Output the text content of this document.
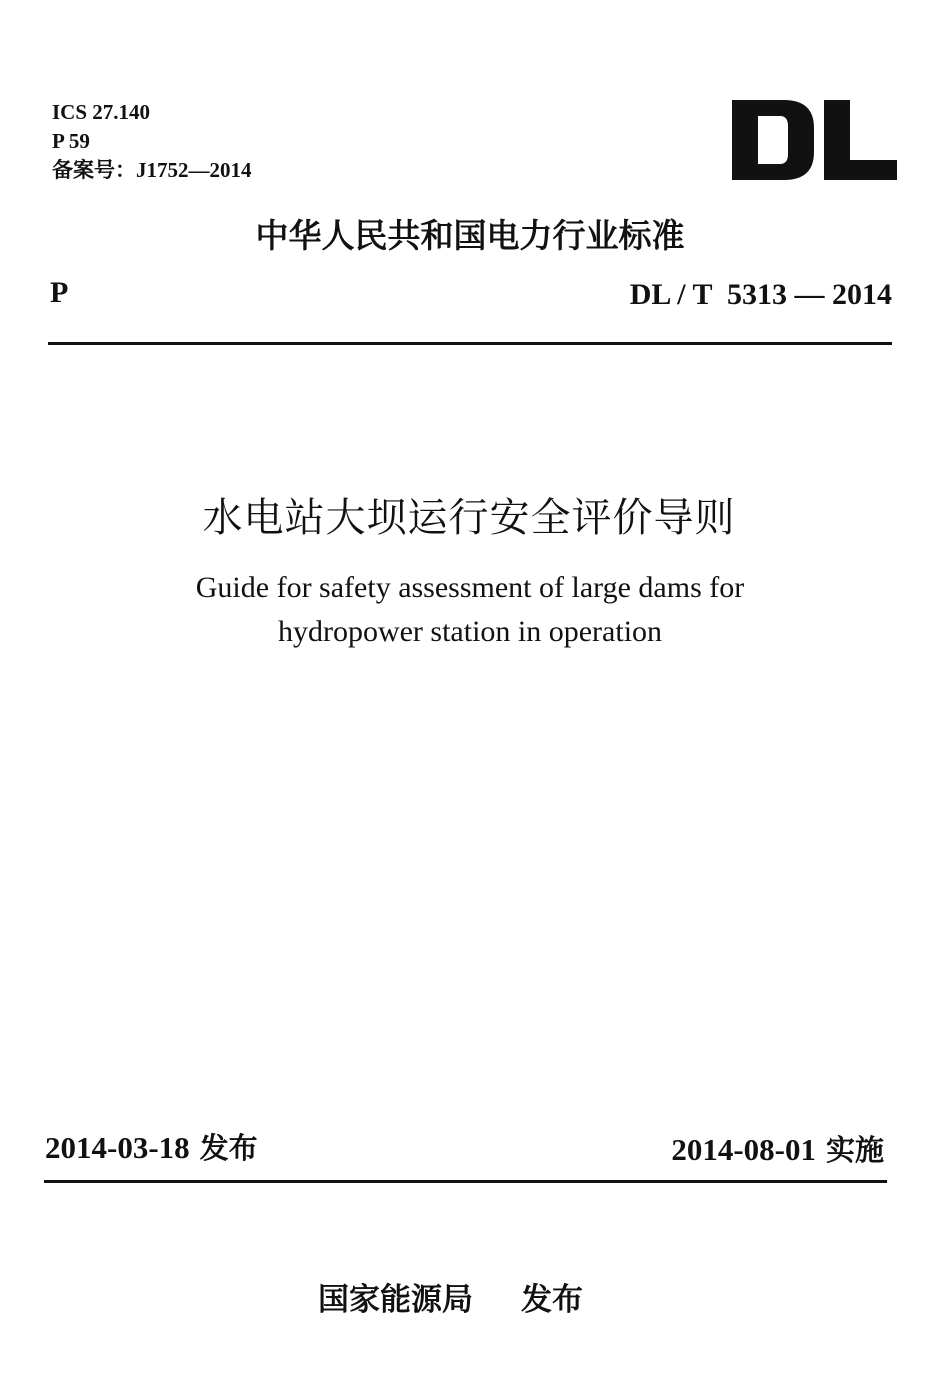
ICS 27.140
P 59
备案号：J1752—2014
中华人民共和国电力行业标准
P	DL / T  5313 — 2014
水电站大坝运行安全评价导则
Guide for safety assessment of large dams for
hydropower station in operation
2014-03-18 发布	2014-08-01 实施
国家能源局 发布
